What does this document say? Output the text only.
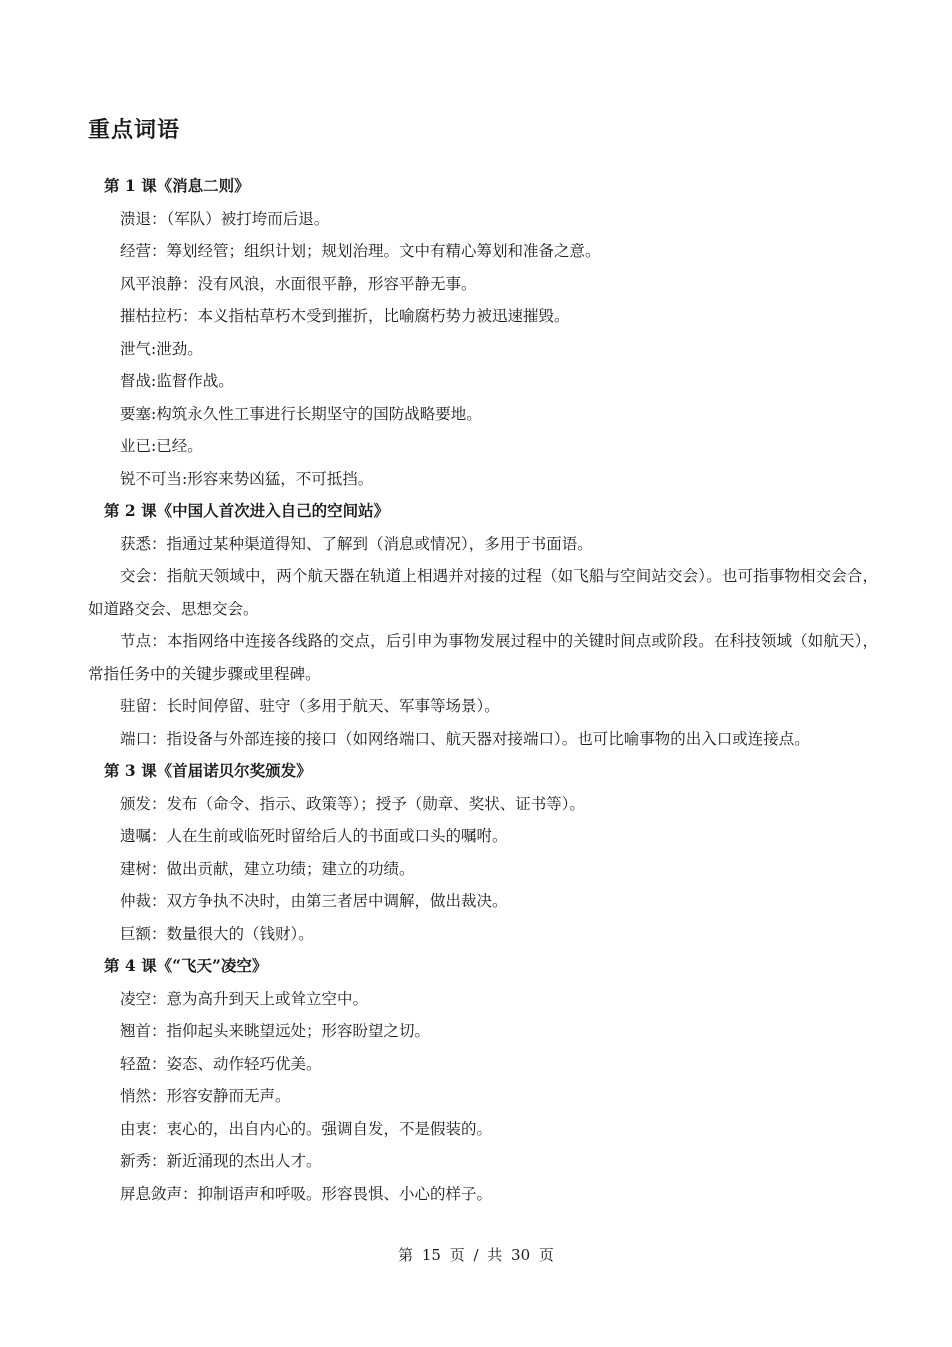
重点词语
第 1 课《消息二则》
溃退：（军队）被打垮而后退。
经营：筹划经管；组织计划；规划治理。文中有精心筹划和准备之意。
风平浪静：没有风浪，水面很平静，形容平静无事。
摧枯拉朽：本义指枯草朽木受到摧折，比喻腐朽势力被迅速摧毁。
泄气:泄劲。
督战:监督作战。
要塞:构筑永久性工事进行长期坚守的国防战略要地。
业已:已经。
锐不可当:形容来势凶猛，不可抵挡。
第 2 课《中国人首次进入自己的空间站》
获悉：指通过某种渠道得知、了解到（消息或情况），多用于书面语。
交会：指航天领域中，两个航天器在轨道上相遇并对接的过程（如飞船与空间站交会）。也可指事物相交会合，如道路交会、思想交会。
节点：本指网络中连接各线路的交点，后引申为事物发展过程中的关键时间点或阶段。在科技领域（如航天），常指任务中的关键步骤或里程碑。
驻留：长时间停留、驻守（多用于航天、军事等场景）。
端口：指设备与外部连接的接口（如网络端口、航天器对接端口）。也可比喻事物的出入口或连接点。
第 3 课《首届诺贝尔奖颁发》
颁发：发布（命令、指示、政策等）；授予（勋章、奖状、证书等）。
遗嘱：人在生前或临死时留给后人的书面或口头的嘱咐。
建树：做出贡献，建立功绩；建立的功绩。
仲裁：双方争执不决时，由第三者居中调解，做出裁决。
巨额：数量很大的（钱财）。
第 4 课《“飞天”凌空》
凌空：意为高升到天上或耸立空中。
翘首：指仰起头来眺望远处；形容盼望之切。
轻盈：姿态、动作轻巧优美。
悄然：形容安静而无声。
由衷：衷心的，出自内心的。强调自发，不是假装的。
新秀：新近涌现的杰出人才。
屏息敛声：抑制语声和呼吸。形容畏惧、小心的样子。
第 15 页 / 共 30 页
